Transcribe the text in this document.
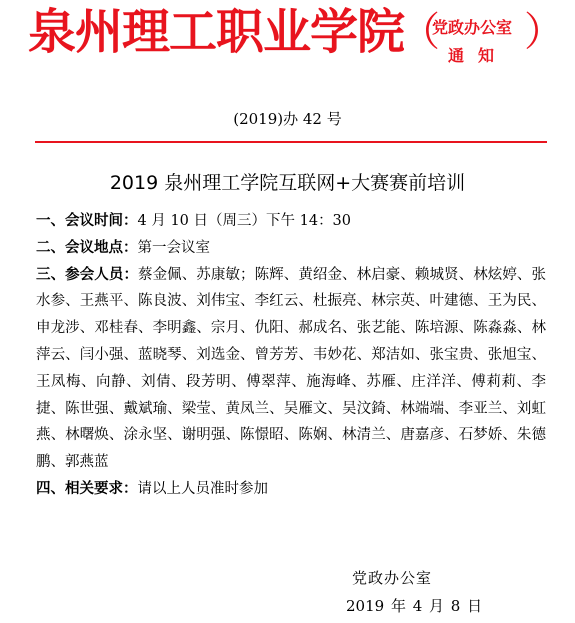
泉州理工职业学院
（
党政办公室
通知
）
(2019)办 42 号
2019 泉州理工学院互联网+大赛赛前培训

一、会议时间：4 月 10 日（周三）下午 14：30

二、会议地点：第一会议室

三、参会人员：蔡金佩、苏康敏；陈辉、黄绍金、林启豪、赖城贤、林炫婷、张水参、王燕平、陈良波、刘伟宝、李红云、杜振亮、林宗英、叶建德、王为民、申龙涉、邓桂春、李明鑫、宗月、仇阳、郝成名、张艺能、陈培源、陈淼淼、林萍云、闫小强、蓝晓琴、刘选金、曾芳芳、韦妙花、郑洁如、张宝贵、张旭宝、王凤梅、向静、刘倩、段芳明、傅翠萍、施海峰、苏雁、庄洋洋、傅莉莉、李捷、陈世强、戴斌瑜、梁莹、黄凤兰、吴雁文、吴汶錡、林端端、李亚兰、刘虹燕、林曙焕、涂永坚、谢明强、陈憬昭、陈娴、林清兰、唐嘉彦、石梦娇、朱德鹏、郭燕蓝

四、相关要求：请以上人员准时参加

党政办公室
2019 年 4 月 8 日
